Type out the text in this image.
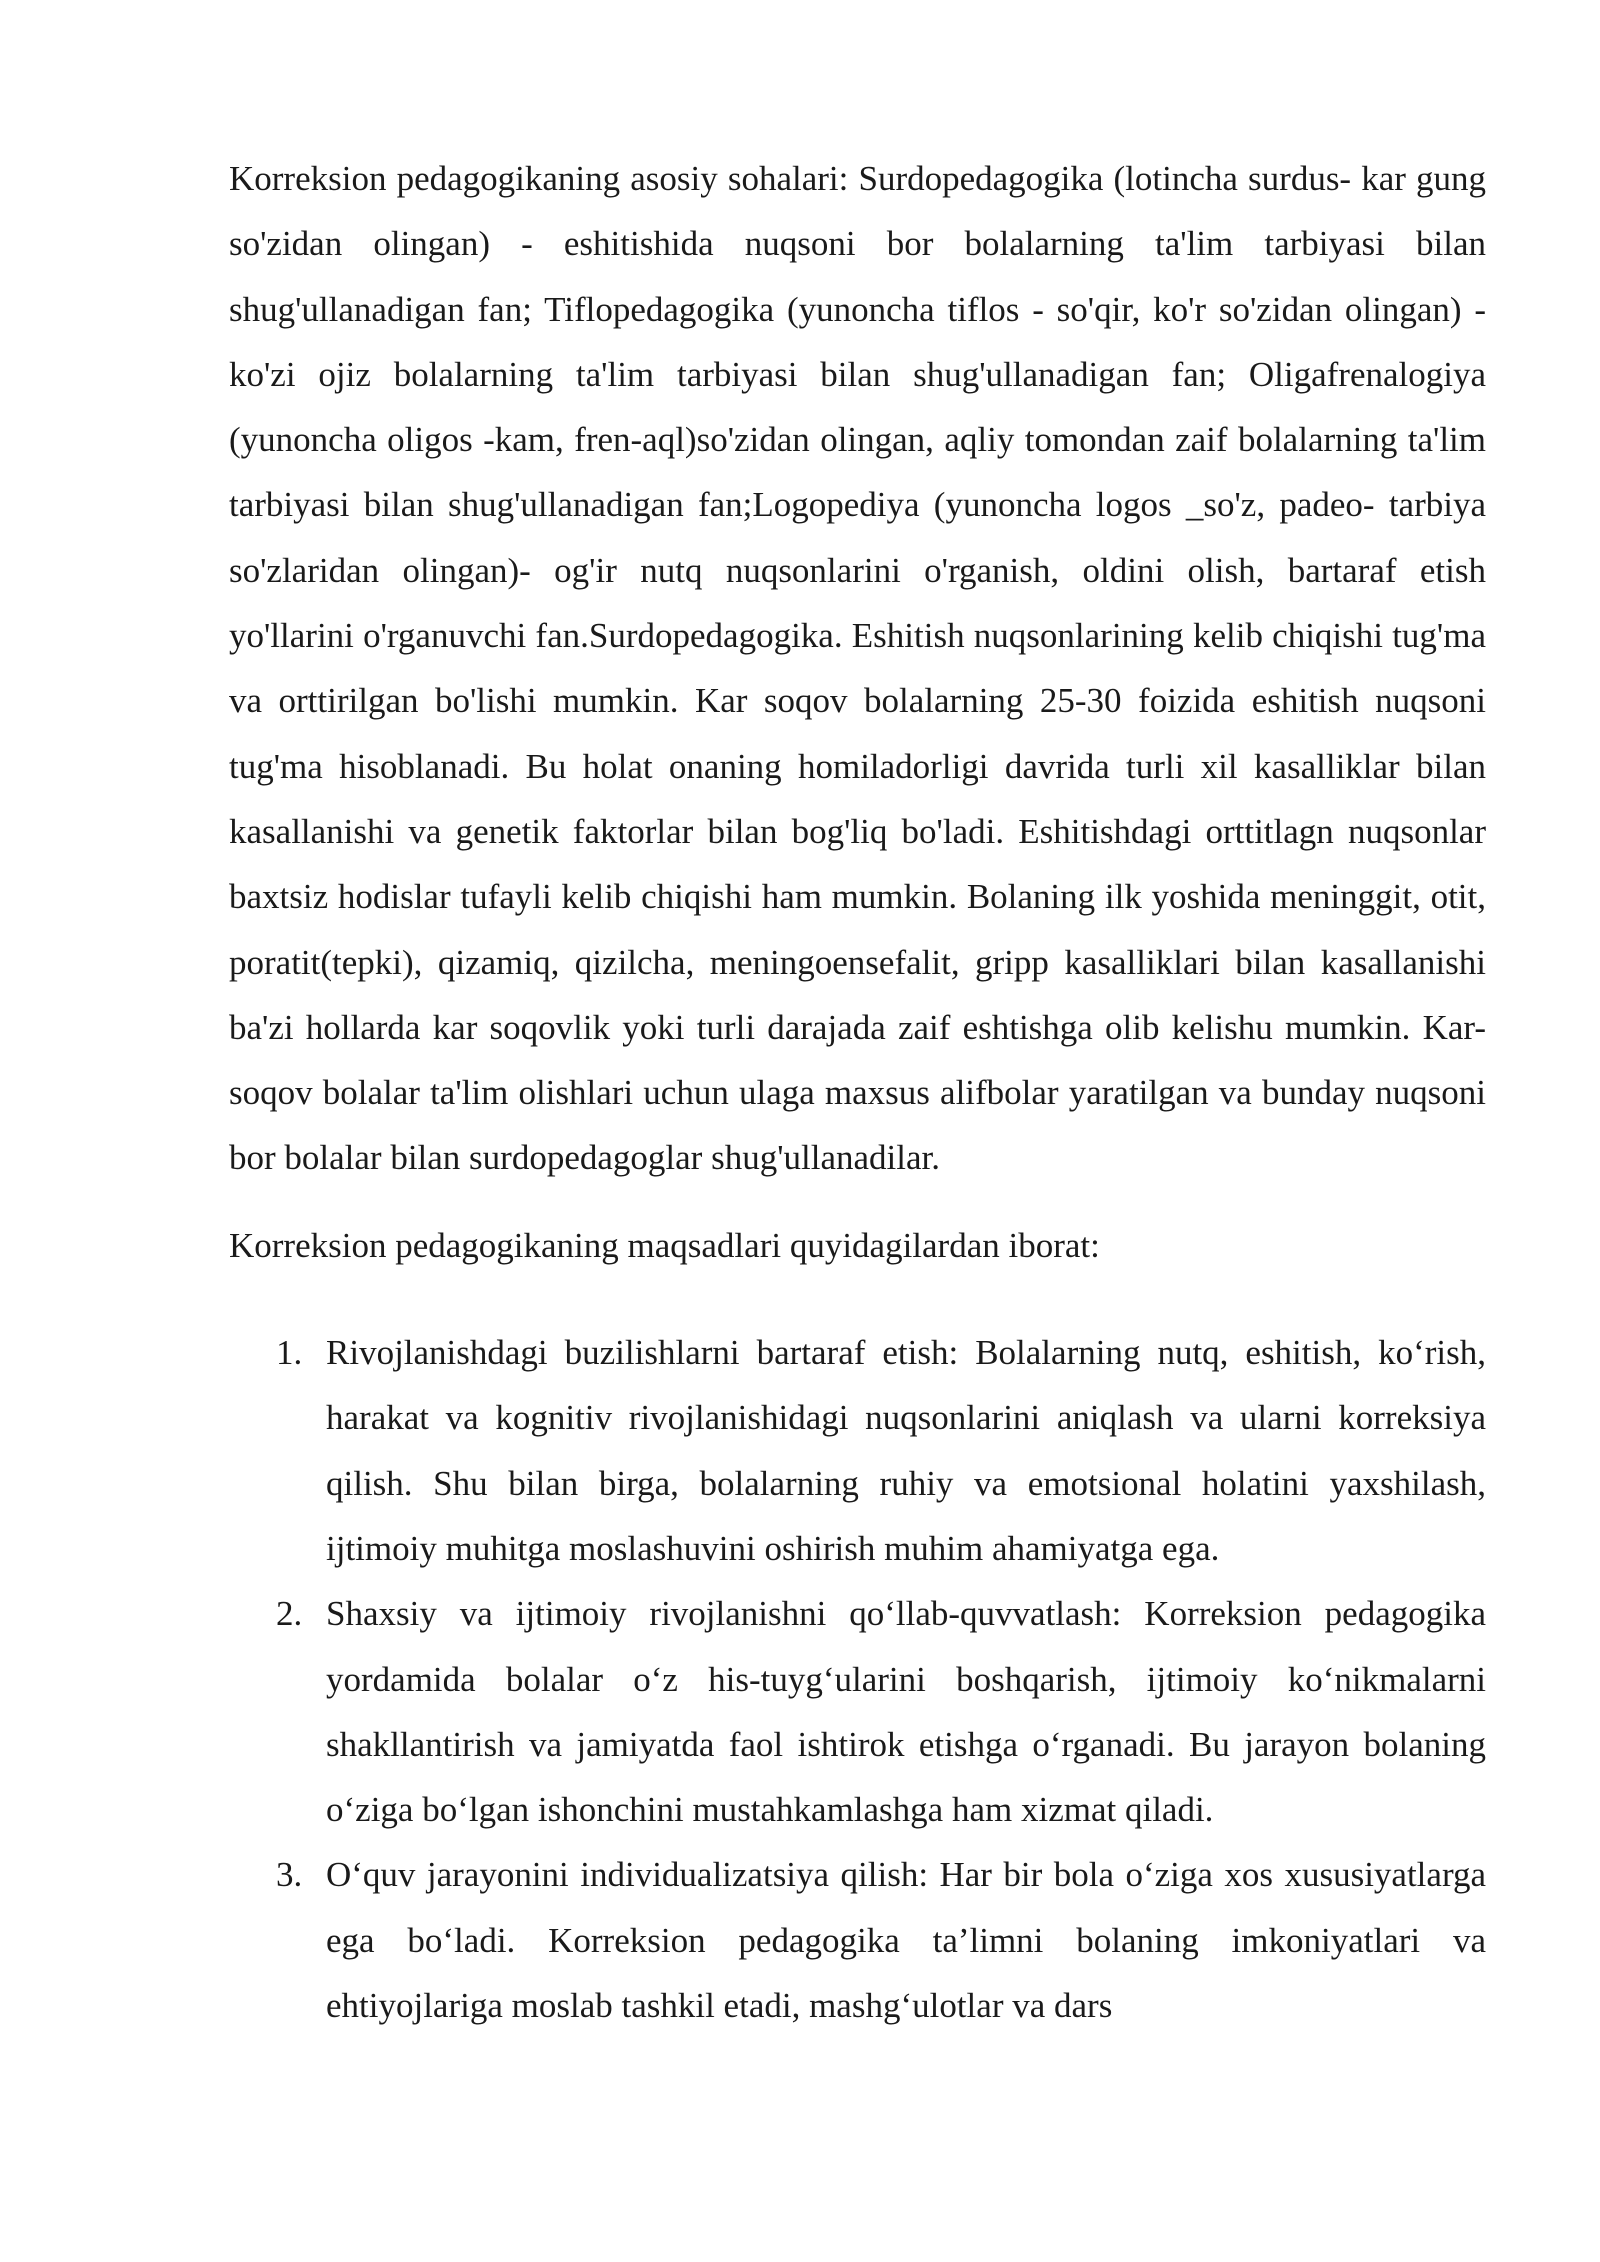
Korreksion pedagogikaning asosiy sohalari: Surdopedagogika (lotincha surdus- kar gung so'zidan olingan) - eshitishida nuqsoni bor bolalarning ta'lim tarbiyasi bilan shug'ullanadigan fan; Tiflopedagogika (yunoncha tiflos - so'qir, ko'r so'zidan olingan) - ko'zi ojiz bolalarning ta'lim tarbiyasi bilan shug'ullanadigan fan; Oligafrenalogiya (yunoncha oligos -kam, fren-aql)so'zidan olingan, aqliy tomondan zaif bolalarning ta'lim tarbiyasi bilan shug'ullanadigan fan;Logopediya (yunoncha logos _so'z, padeo- tarbiya so'zlaridan olingan)- og'ir nutq nuqsonlarini o'rganish, oldini olish, bartaraf etish yo'llarini o'rganuvchi fan.Surdopedagogika. Eshitish nuqsonlarining kelib chiqishi tug'ma va orttirilgan bo'lishi mumkin. Kar soqov bolalarning 25-30 foizida eshitish nuqsoni tug'ma hisoblanadi. Bu holat onaning homiladorligi davrida turli xil kasalliklar bilan kasallanishi va genetik faktorlar bilan bog'liq bo'ladi. Eshitishdagi orttitlagn nuqsonlar baxtsiz hodislar tufayli kelib chiqishi ham mumkin. Bolaning ilk yoshida meninggit, otit, poratit(tepki), qizamiq, qizilcha, meningoensefalit, gripp kasalliklari bilan kasallanishi ba'zi hollarda kar soqovlik yoki turli darajada zaif eshtishga olib kelishu mumkin. Kar-soqov bolalar ta'lim olishlari uchun ulaga maxsus alifbolar yaratilgan va bunday nuqsoni bor bolalar bilan surdopedagoglar shug'ullanadilar.

Korreksion pedagogikaning maqsadlari quyidagilardan iborat:

1. Rivojlanishdagi buzilishlarni bartaraf etish: Bolalarning nutq, eshitish, ko‘rish, harakat va kognitiv rivojlanishidagi nuqsonlarini aniqlash va ularni korreksiya qilish. Shu bilan birga, bolalarning ruhiy va emotsional holatini yaxshilash, ijtimoiy muhitga moslashuvini oshirish muhim ahamiyatga ega.
2. Shaxsiy va ijtimoiy rivojlanishni qo‘llab-quvvatlash: Korreksion pedagogika yordamida bolalar o‘z his-tuyg‘ularini boshqarish, ijtimoiy ko‘nikmalarni shakllantirish va jamiyatda faol ishtirok etishga o‘rganadi. Bu jarayon bolaning o‘ziga bo‘lgan ishonchini mustahkamlashga ham xizmat qiladi.
3. O‘quv jarayonini individualizatsiya qilish: Har bir bola o‘ziga xos xususiyatlarga ega bo‘ladi. Korreksion pedagogika ta’limni bolaning imkoniyatlari va ehtiyojlariga moslab tashkil etadi, mashg‘ulotlar va dars
